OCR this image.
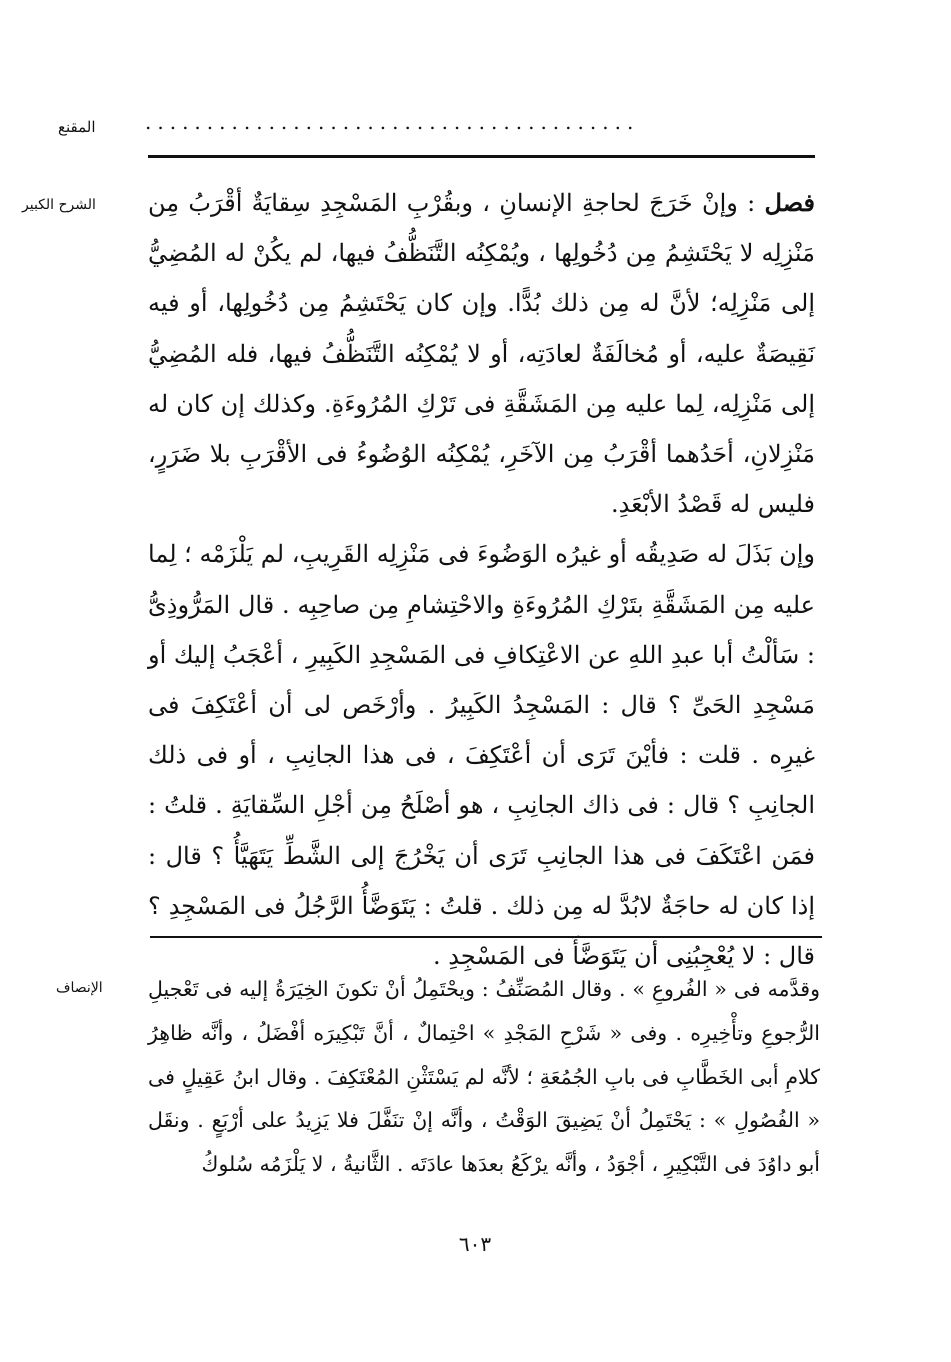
المقنع ........................................
الشرح الكبير	فصل : وإنْ خَرَجَ لحاجةِ الإنسانِ ، وبقُرْبِ المَسْجِدِ سِقايَةٌ أقْرَبُ مِن مَنْزِلِه لا يَحْتَشِمُ مِن دُخُولِها ، ويُمْكِنُه التَّنَظُّفُ فيها، لم يكُنْ له المُضِيُّ إلى مَنْزِلِه؛ لأنَّ له مِن ذلك بُدًّا. وإن كان يَحْتَشِمُ مِن دُخُولِها، أو فيه نَقِيصَةٌ عليه، أو مُخالَفَةٌ لعادَتِه، أو لا يُمْكِنُه التَّنَظُّفُ فيها، فله المُضِيُّ إلى مَنْزِلِه، لِما عليه مِن المَشَقَّةِ فى تَرْكِ المُرُوءَةِ. وكذلك إن كان له مَنْزِلانِ، أحَدُهما أقْرَبُ مِن الآخَرِ، يُمْكِنُه الوُضُوءُ فى الأقْرَبِ بلا ضَرَرٍ، فليس له قَصْدُ الأبْعَدِ.

وإن بَذَلَ له صَدِيقُه أو غيرُه الوَضُوءَ فى مَنْزِلِه القَرِيبِ، لم يَلْزَمْه ؛ لِما عليه مِن المَشَقَّةِ بتَرْكِ المُرُوءَةِ والاحْتِشامِ مِن صاحِبِه . قال المَرُّوذِىُّ : سَألْتُ أبا عبدِ اللهِ عن الاعْتِكافِ فى المَسْجِدِ الكَبِيرِ ، أعْجَبُ إليك أو مَسْجِدِ الحَىِّ ؟ قال : المَسْجِدُ الكَبِيرُ . وأرْخَص لى أن أعْتَكِفَ فى غيرِه . قلت : فأيْنَ تَرَى أن أعْتَكِفَ ، فى هذا الجانِبِ ، أو فى ذلك الجانِبِ ؟ قال : فى ذاك الجانِبِ ، هو أصْلَحُ مِن أجْلِ السِّقايَةِ . قلتُ : فمَن اعْتَكَفَ فى هذا الجانِبِ تَرَى أن يَخْرُجَ إلى الشَّطِّ يَتَهَيَّأُ ؟ قال : إذا كان له حاجَةٌ لابُدَّ له مِن ذلك . قلتُ : يَتَوَضَّأُ الرَّجُلُ فى المَسْجِدِ ؟ قال : لا يُعْجِبُنِى أن يَتَوَضَّأَ فى المَسْجِدِ .

الإنصاف	وقدَّمه فى « الفُروعِ » . وقال المُصَنِّفُ : ويحْتَمِلُ أنْ تكونَ الخِيَرَةُ إليه فى تَعْجيلِ الرُّجوعِ وتأْخِيرِه . وفى « شَرْحِ المَجْدِ » احْتِمالٌ ، أنَّ تَبْكِيرَه أفْضَلُ ، وأنَّه ظاهِرُ كلامِ أبى الخَطَّابِ فى بابِ الجُمُعَةِ ؛ لأنَّه لم يَسْتَثْنِ المُعْتَكِفَ . وقال ابنُ عَقِيلٍ فى « الفُصُولِ » : يَحْتَمِلُ أنْ يَضِيقَ الوَقْتُ ، وأنَّه إنْ تنَفَّلَ فلا يَزِيدُ على أرْبَعٍ . ونقَل أبو داوُدَ فى التَّبْكِيرِ ، أجْوَدُ ، وأنَّه يرْكَعُ بعدَها عادَتَه . الثَّانيةُ ، لا يَلْزَمُه سُلوكُ

٦٠٣
